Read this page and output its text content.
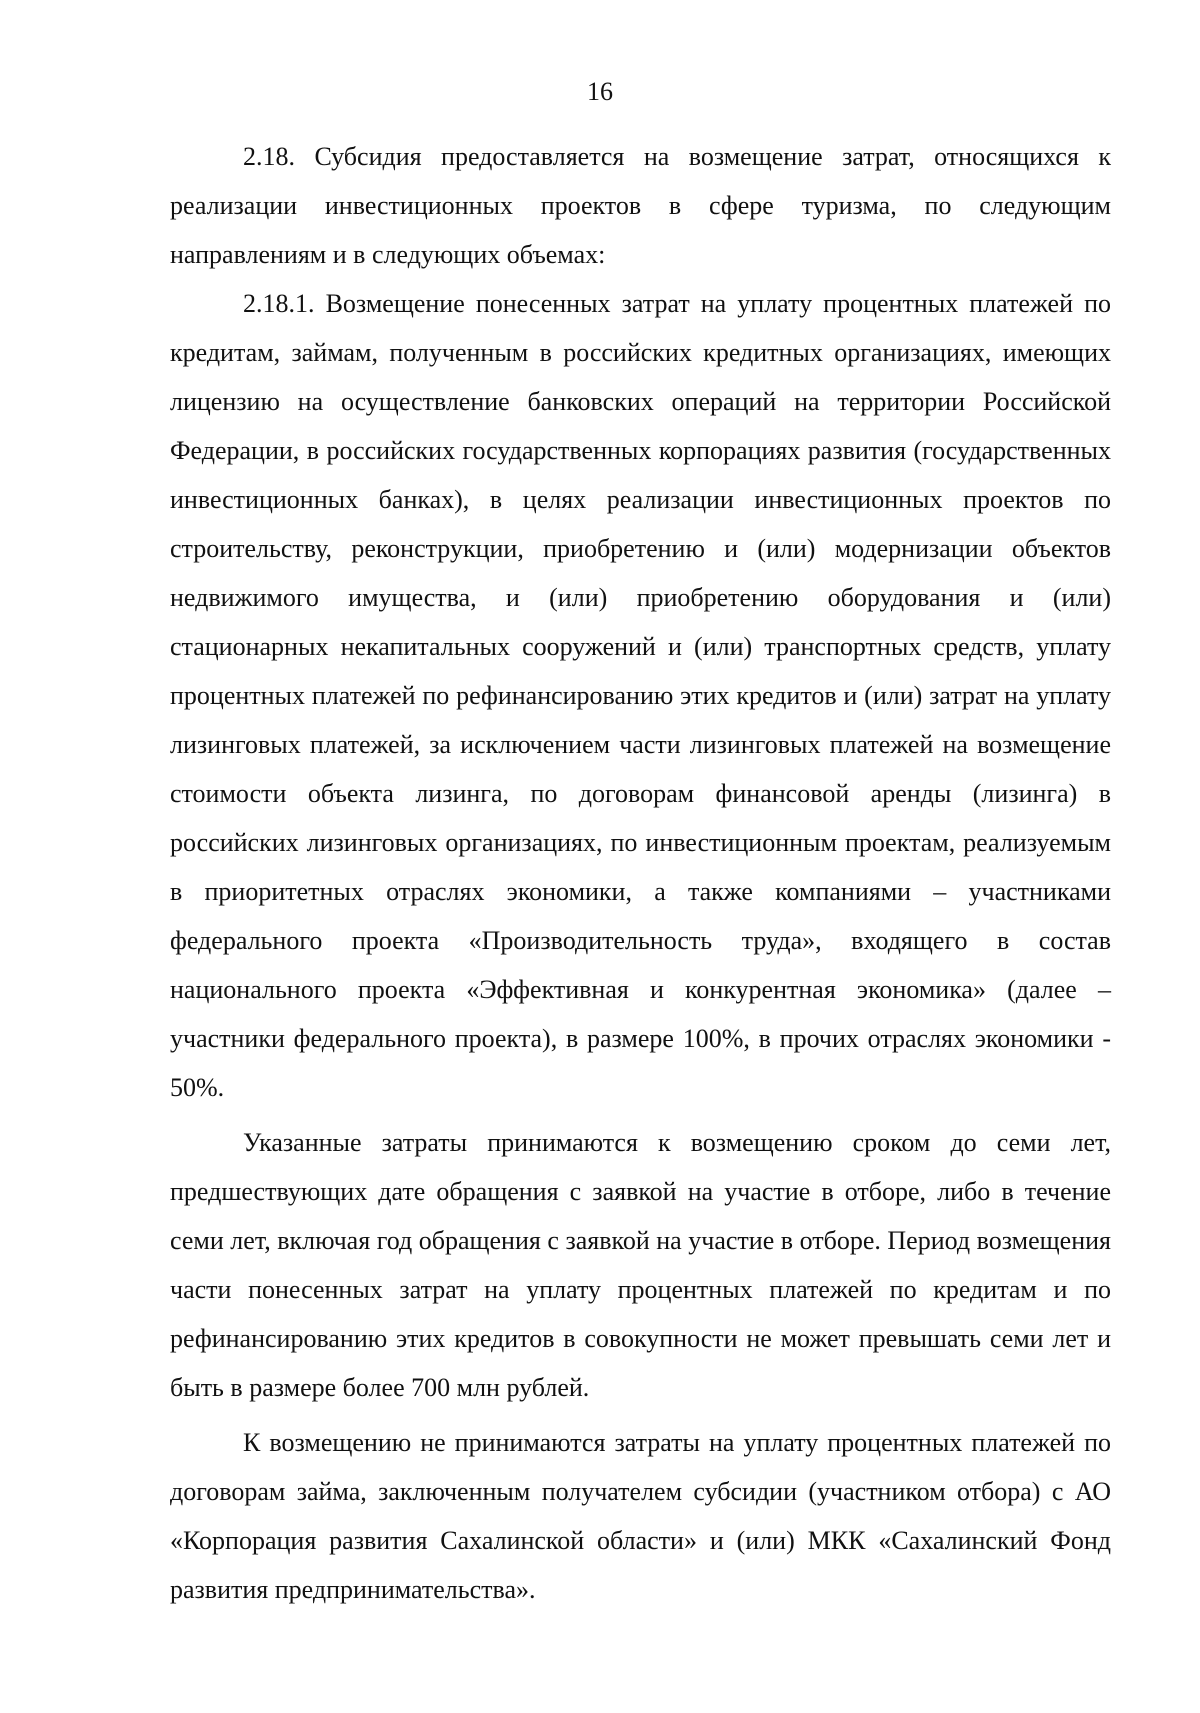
16

2.18. Субсидия предоставляется на возмещение затрат, относящихся к реализации инвестиционных проектов в сфере туризма, по следующим направлениям и в следующих объемах:

2.18.1. Возмещение понесенных затрат на уплату процентных платежей по кредитам, займам, полученным в российских кредитных организациях, имеющих лицензию на осуществление банковских операций на территории Российской Федерации, в российских государственных корпорациях развития (государственных инвестиционных банках), в целях реализации инвестиционных проектов по строительству, реконструкции, приобретению и (или) модернизации объектов недвижимого имущества, и (или) приобретению оборудования и (или) стационарных некапитальных сооружений и (или) транспортных средств, уплату процентных платежей по рефинансированию этих кредитов и (или) затрат на уплату лизинговых платежей, за исключением части лизинговых платежей на возмещение стоимости объекта лизинга, по договорам финансовой аренды (лизинга) в российских лизинговых организациях, по инвестиционным проектам, реализуемым в приоритетных отраслях экономики, а также компаниями – участниками федерального проекта «Производительность труда», входящего в состав национального проекта «Эффективная и конкурентная экономика» (далее – участники федерального проекта), в размере 100%, в прочих отраслях экономики - 50%.

Указанные затраты принимаются к возмещению сроком до семи лет, предшествующих дате обращения с заявкой на участие в отборе, либо в течение семи лет, включая год обращения с заявкой на участие в отборе. Период возмещения части понесенных затрат на уплату процентных платежей по кредитам и по рефинансированию этих кредитов в совокупности не может превышать семи лет и быть в размере более 700 млн рублей.

К возмещению не принимаются затраты на уплату процентных платежей по договорам займа, заключенным получателем субсидии (участником отбора) с АО «Корпорация развития Сахалинской области» и (или) МКК «Сахалинский Фонд развития предпринимательства».
